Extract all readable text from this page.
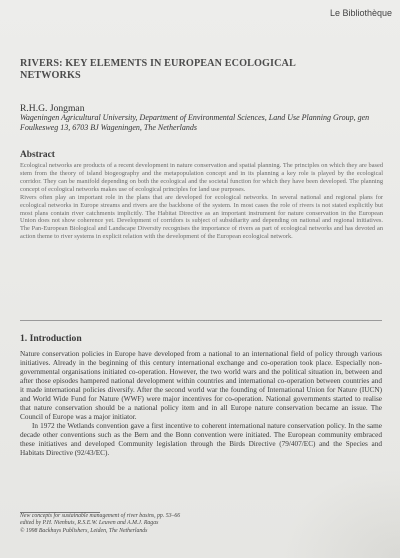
Le Bibliothèque
RIVERS: KEY ELEMENTS IN EUROPEAN ECOLOGICAL NETWORKS
R.H.G. Jongman
Wageningen Agricultural University, Department of Environmental Sciences, Land Use Planning Group, gen Foulkesweg 13, 6703 BJ Wageningen, The Netherlands
Abstract

Ecological networks are products of a recent development in nature conservation and spatial planning. The principles on which they are based stem from the theory of island biogeography and the metapopulation concept and in its planning a key role is played by the ecological corridor. They can be manifold depending on both the ecological and the societal function for which they have been developed. The planning concept of ecological networks makes use of ecological principles for land use purposes.

Rivers often play an important role in the plans that are developed for ecological networks. In several national and regional plans for ecological networks in Europe streams and rivers are the backbone of the system. In most cases the role of rivers is not stated explicitly but most plans contain river catchments implicitly. The Habitat Directive as an important instrument for nature conservation in the European Union does not show coherence yet. Development of corridors is subject of subsidiarity and depending on national and regional initiatives. The Pan-European Biological and Landscape Diversity recognises the importance of rivers as part of ecological networks and has devoted an action theme to river systems in explicit relation with the development of the European ecological network.

1. Introduction

Nature conservation policies in Europe have developed from a national to an international field of policy through various initiatives. Already in the beginning of this century international exchange and co-operation took place. Especially non-governmental organisations initiated co-operation. However, the two world wars and the political situation in, between and after those episodes hampered national development within countries and international co-operation between countries and it made international policies diversify. After the second world war the founding of International Union for Nature (IUCN) and World Wide Fund for Nature (WWF) were major incentives for co-operation. National governments started to realise that nature conservation should be a national policy item and in all Europe nature conservation became an issue. The Council of Europe was a major initiator.

In 1972 the Wetlands convention gave a first incentive to coherent international nature conservation policy. In the same decade other conventions such as the Bern and the Bonn convention were initiated. The European community embraced these initiatives and developed Community legislation through the Birds Directive (79/407/EC) and the Species and Habitats Directive (92/43/EC).

New concepts for sustainable management of river basins, pp. 53–66
edited by P.H. Nienhuis, R.S.E.W. Leuven and A.M.J. Ragas
© 1998 Backhuys Publishers, Leiden, The Netherlands
